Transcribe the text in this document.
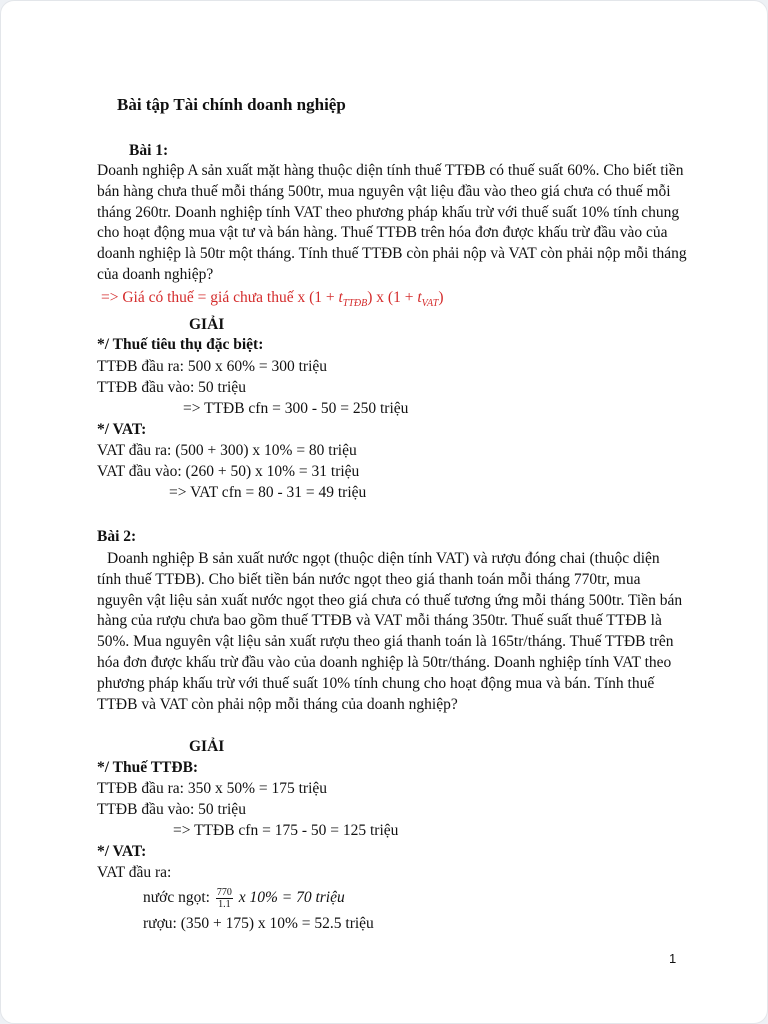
Bài tập Tài chính doanh nghiệp
Bài 1:
Doanh nghiệp A sản xuất mặt hàng thuộc diện tính thuế TTĐB có thuế suất 60%. Cho biết tiền bán hàng chưa thuế mỗi tháng 500tr, mua nguyên vật liệu đầu vào theo giá chưa có thuế mỗi tháng 260tr. Doanh nghiệp tính VAT theo phương pháp khấu trừ với thuế suất 10% tính chung cho hoạt động mua vật tư và bán hàng. Thuế TTĐB trên hóa đơn được khấu trừ đầu vào của doanh nghiệp là 50tr một tháng. Tính thuế TTĐB còn phải nộp và VAT còn phải nộp mỗi tháng của doanh nghiệp?
=> Giá có thuế = giá chưa thuế x $(1 + t_{TTĐB})$ x $(1 + t_{VAT})$
GIẢI
*/ Thuế tiêu thụ đặc biệt:
TTĐB đầu ra: 500 x 60% = 300 triệu
TTĐB đầu vào: 50 triệu
=> TTĐB cfn = 300 - 50 = 250 triệu
*/ VAT:
VAT đầu ra: (500 + 300) x 10% = 80 triệu
VAT đầu vào: (260 + 50) x 10% = 31 triệu
=> VAT cfn = 80 - 31 = 49 triệu
Bài 2:
Doanh nghiệp B sản xuất nước ngọt (thuộc diện tính VAT) và rượu đóng chai (thuộc diện tính thuế TTĐB). Cho biết tiền bán nước ngọt theo giá thanh toán mỗi tháng 770tr, mua nguyên vật liệu sản xuất nước ngọt theo giá chưa có thuế tương ứng mỗi tháng 500tr. Tiền bán hàng của rượu chưa bao gồm thuế TTĐB và VAT mỗi tháng 350tr. Thuế suất thuế TTĐB là 50%. Mua nguyên vật liệu sản xuất rượu theo giá thanh toán là 165tr/tháng. Thuế TTĐB trên hóa đơn được khấu trừ đầu vào của doanh nghiệp là 50tr/tháng. Doanh nghiệp tính VAT theo phương pháp khấu trừ với thuế suất 10% tính chung cho hoạt động mua và bán. Tính thuế TTĐB và VAT còn phải nộp mỗi tháng của doanh nghiệp?
GIẢI
*/ Thuế TTĐB:
TTĐB đầu ra: 350 x 50% = 175 triệu
TTĐB đầu vào: 50 triệu
=> TTĐB cfn = 175 - 50 = 125 triệu
*/ VAT:
VAT đầu ra:
nước ngọt: $\frac{770}{1.1}$ x 10% = 70 triệu
rượu: (350 + 175) x 10% = 52.5 triệu
1
